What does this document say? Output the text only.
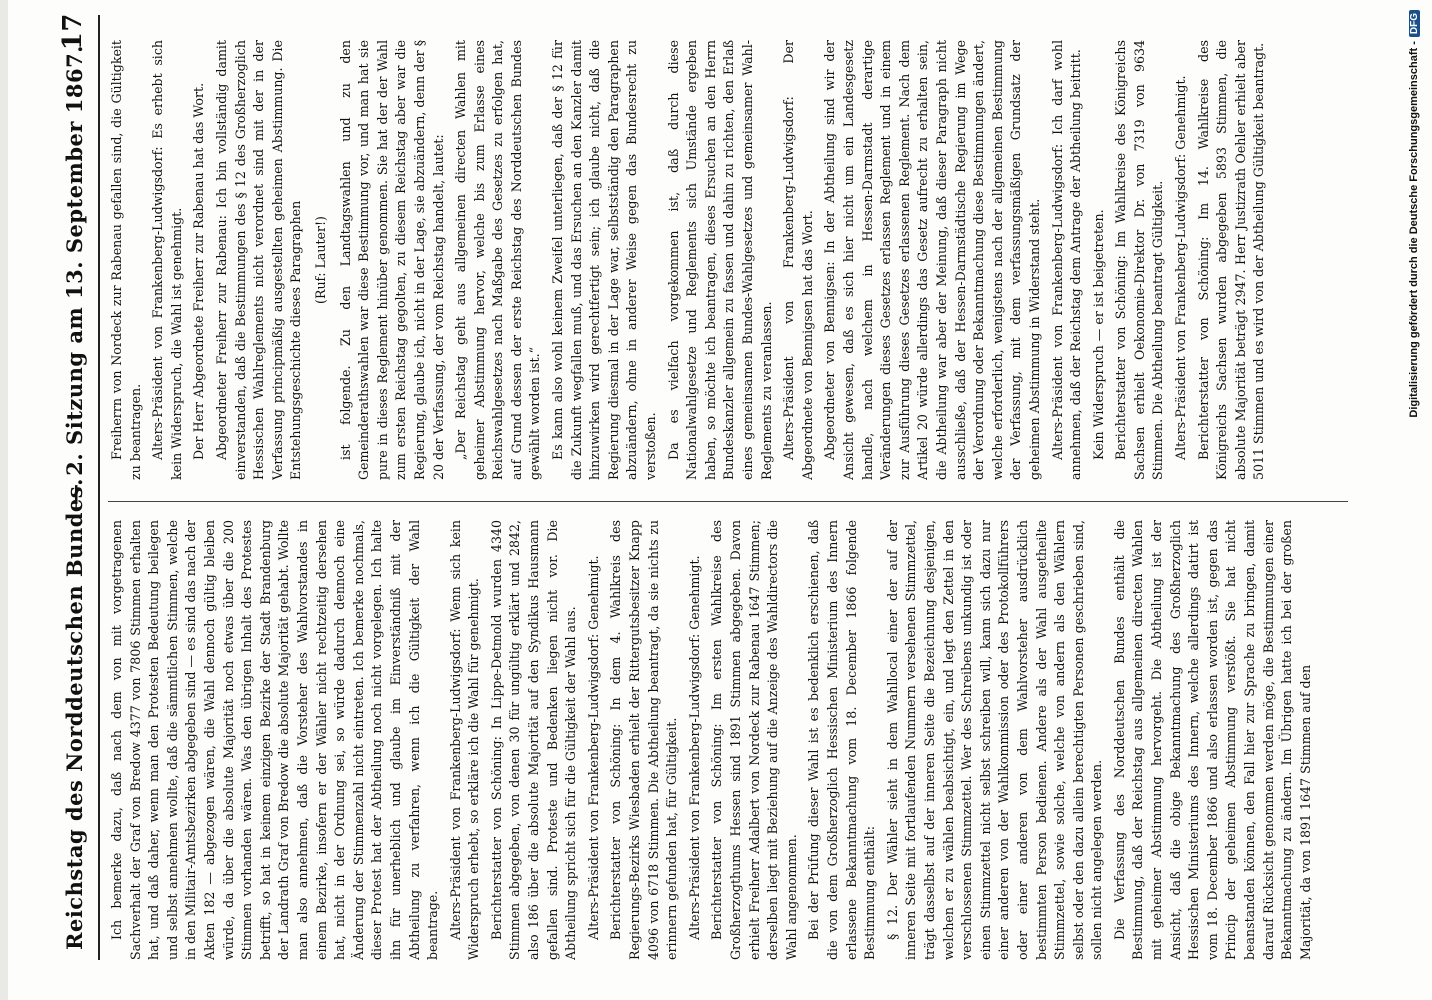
Reichstag des Norddeutschen Bundes.
— 2. Sitzung am 13. September 1867.
17

Ich bemerke dazu, daß nach dem von mit vorgetragenen Sachverhalt der Graf von Bredow 4377 von 7806 Stimmen erhalten hat, und daß daher, wenn man den Protesten Bedeutung beilegen und selbst annehmen wollte, daß die sämmtlichen Stimmen, welche in den Militair-Amtsbezirken abgegeben sind — es sind das nach der Akten 182 — abgezogen wären, die Wahl dennoch gültig bleiben würde, da über die absolute Majorität noch etwas über die 200 Stimmen vorhanden wären. Was den übrigen Inhalt des Protestes betrifft, so hat in keinem einzigen Bezirke der Stadt Brandenburg der Landrath Graf von Bredow die absolute Majorität gehabt. Wollte man also annehmen, daß die Vorsteher des Wahlvorstandes in einem Bezirke, insofern er der Wähler nicht rechtzeitig dersehen hat, nicht in der Ordnung sei, so würde dadurch dennoch eine Änderung der Stimmenzahl nicht eintreten. Ich bemerke nochmals, dieser Protest hat der Abtheilung noch nicht vorgelegen. Ich halte ihn für unerheblich und glaube im Einverständniß mit der Abtheilung zu verfahren, wenn ich die Gültigkeit der Wahl beantrage. Alters-Präsident von Frankenberg-Ludwigsdorf: Wenn sich kein Widerspruch erhebt, so erkläre ich die Wahl für genehmigt. Berichterstatter von Schöning: In Lippe-Detmold wurden 4340 Stimmen abgegeben, von denen 30 für ungültig erklärt und 2842, also 186 über die absolute Majorität auf den Syndikus Hausmann gefallen sind. Proteste und Bedenken liegen nicht vor. Die Abtheilung spricht sich für die Gültigkeit der Wahl aus. Alters-Präsident von Frankenberg-Ludwigsdorf: Genehmigt. Berichterstatter von Schöning: In dem 4. Wahlkreis des Regierungs-Bezirks Wiesbaden erhielt der Rittergutsbesitzer Knapp 4096 von 6718 Stimmen. Die Abtheilung beantragt, da sie nichts zu erinnern gefunden hat, für Gültigkeit. Alters-Präsident von Frankenberg-Ludwigsdorf: Genehmigt. Berichterstatter von Schöning: Im ersten Wahlkreise des Großherzogthums Hessen sind 1891 Stimmen abgegeben. Davon erhielt Freiherr Adalbert von Nordeck zur Rabenau 1647 Stimmen; derselben liegt mit Beziehung auf die Anzeige des Wahldirectors die Wahl angenommen. Bei der Prüfung dieser Wahl ist es bedenklich erschienen, daß die von dem Großherzoglich Hessischen Ministerium des Innern erlassene Bekanntmachung vom 18. December 1866 folgende Bestimmung enthält: § 12. Der Wähler sieht in dem Wahllocal einer der auf der inneren Seite mit fortlaufenden Nummern versehenen Stimmzettel, trägt dasselbst auf der inneren Seite die Bezeichnung desjenigen, welchen er zu wählen beabsichtigt, ein, und legt den Zettel in den verschlossenen Stimmzettel. Wer des Schreibens unkundig ist oder einen Stimmzettel nicht selbst schreiben will, kann sich dazu nur einer anderen von der Wahlkommission oder des Protokollführers oder einer anderen von dem Wahlvorsteher ausdrücklich bestimmten Person bedienen. Andere als der Wahl ausgetheilte Stimmzettel, sowie solche, welche von andern als den Wählern selbst oder den dazu allein berechtigten Personen geschrieben sind, sollen nicht angelegen werden. Die Verfassung des Norddeutschen Bundes enthält die Bestimmung, daß der Reichstag aus allgemeinen directen Wahlen mit geheimer Abstimmung hervorgeht. Die Abtheilung ist der Ansicht, daß die obige Bekanntmachung des Großherzoglich Hessischen Ministeriums des Innern, welche allerdings datirt ist vom 18. December 1866 und also erlassen worden ist, gegen das Princip der geheimen Abstimmung verstößt. Sie hat nicht beanstanden können, den Fall hier zur Sprache zu bringen, damit darauf Rücksicht genommen werden möge, die Bestimmungen einer Bekanntmachung zu ändern. Im Übrigen hatte ich bei der großen Majorität, da von 1891 1647 Stimmen auf den

Freiherrn von Nordeck zur Rabenau gefallen sind, die Gültigkeit zu beantragen. Alters-Präsident von Frankenberg-Ludwigsdorf: Es erhebt sich kein Widerspruch, die Wahl ist genehmigt. Der Herr Abgeordnete Freiherr zur Rabenau hat das Wort. Abgeordneter Freiherr zur Rabenau: Ich bin vollständig damit einverstanden, daß die Bestimmungen des § 12 des Großherzoglich Hessischen Wahlreglements nicht verordnet sind mit der in der Verfassung principmäßig ausgestellten geheimen Abstimmung. Die Entstehungsgeschichte dieses Paragraphen (Ruf: Lauter!) ist folgende. Zu den Landtagswahlen und zu den Gemeinderathswahlen war diese Bestimmung vor, und man hat sie pure in dieses Reglement hinüber genommen. Sie hat der der Wahl zum ersten Reichstag gegolten, zu diesem Reichstag aber war die Regierung, glaube ich, nicht in der Lage, sie abzuändern, denn der § 20 der Verfassung, der vom Reichstag handelt, lautet: „Der Reichstag geht aus allgemeinen directen Wahlen mit geheimer Abstimmung hervor, welche bis zum Erlasse eines Reichswahlgesetzes nach Maßgabe des Gesetzes zu erfolgen hat, auf Grund dessen der erste Reichstag des Norddeutschen Bundes gewählt worden ist.“ Es kann also wohl keinem Zweifel unterliegen, daß der § 12 für die Zukunft wegfallen muß, und das Ersuchen an den Kanzler damit hinzuwirken wird gerechtfertigt sein; ich glaube nicht, daß die Regierung diesmal in der Lage war, selbstständig den Paragraphen abzuändern, ohne in anderer Weise gegen das Bundesrecht zu verstoßen. Da es vielfach vorgekommen ist, daß durch diese Nationalwahlgesetze und Reglements sich Umstände ergeben haben, so möchte ich beantragen, dieses Ersuchen an den Herrn Bundeskanzler allgemein zu fassen und dahin zu richten, den Erlaß eines gemeinsamen Bundes-Wahlgesetzes und gemeinsamer Wahl-Reglements zu veranlassen. Alters-Präsident von Frankenberg-Ludwigsdorf: Der Abgeordnete von Bennigsen hat das Wort. Abgeordneter von Bennigsen: In der Abtheilung sind wir der Ansicht gewesen, daß es sich hier nicht um ein Landesgesetz handle, nach welchem in Hessen-Darmstadt derartige Veränderungen dieses Gesetzes erlassen Reglement und in einem zur Ausführung dieses Gesetzes erlassenen Reglement. Nach dem Artikel 20 würde allerdings das Gesetz aufrecht zu erhalten sein, die Abtheilung war aber der Meinung, daß dieser Paragraph nicht ausschließe, daß der Hessen-Darmstädtische Regierung im Wege der Verordnung oder Bekanntmachung diese Bestimmungen ändert, welche erforderlich, wenigstens nach der allgemeinen Bestimmung der Verfassung, mit dem verfassungsmäßigen Grundsatz der geheimen Abstimmung in Widerstand steht. Alters-Präsident von Frankenberg-Ludwigsdorf: Ich darf wohl annehmen, daß der Reichstag dem Antrage der Abtheilung beitritt. Kein Widerspruch — er ist beigetreten. Berichterstatter von Schöning: Im Wahlkreise des Königreichs Sachsen erhielt Oekonomie-Direktor Dr. von 7319 von 9634 Stimmen. Die Abtheilung beantragt Gültigkeit. Alters-Präsident von Frankenberg-Ludwigsdorf: Genehmigt. Berichterstatter von Schöning: Im 14. Wahlkreise des Königreichs Sachsen wurden abgegeben 5893 Stimmen, die absolute Majorität beträgt 2947. Herr Justizrath Oehler erhielt aber 5011 Stimmen und es wird von der Abtheilung Gültigkeit beantragt.	Digitalisierung gefördert durch die Deutsche Forschungsgemeinschaft -DFG
